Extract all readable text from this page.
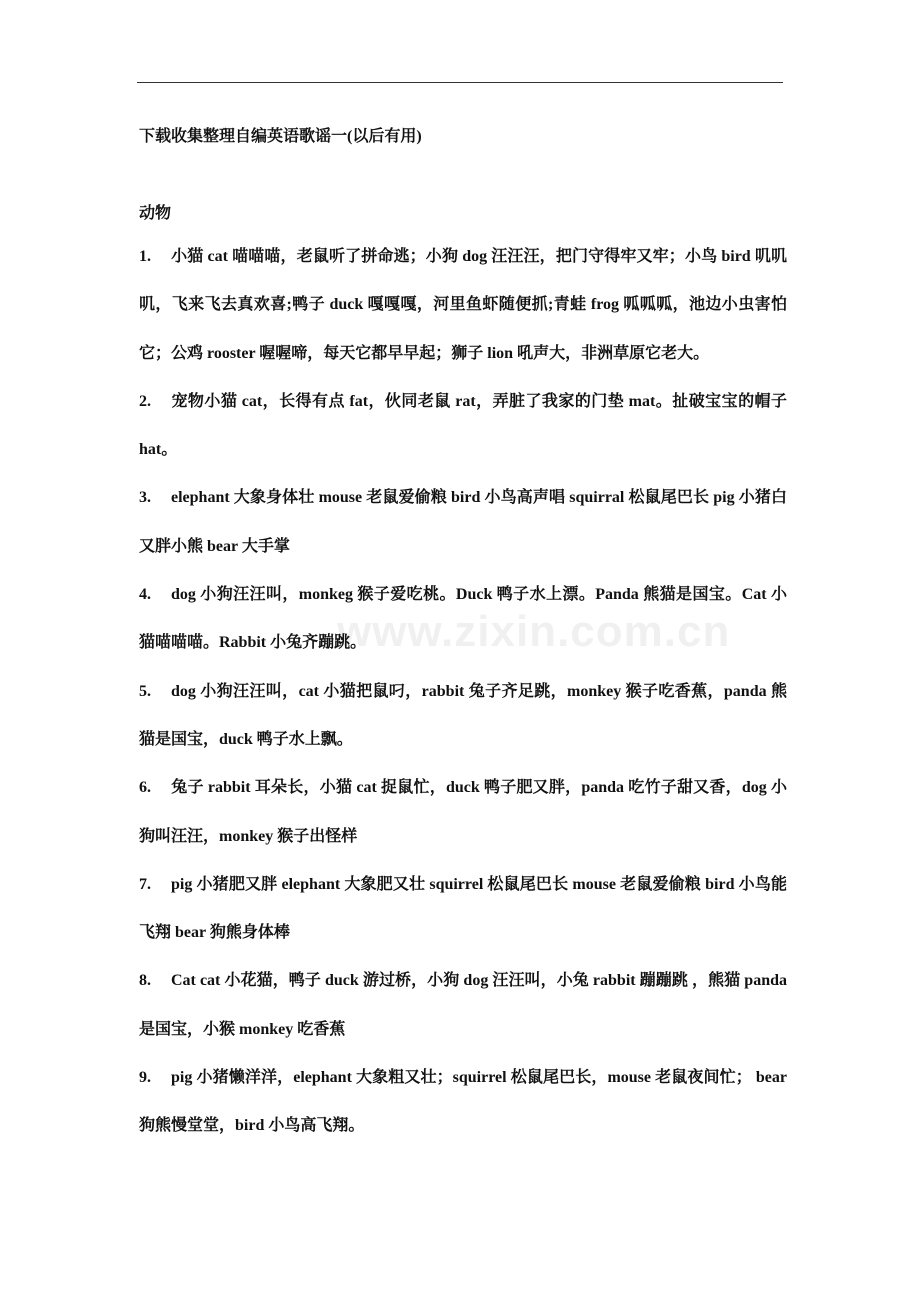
www.zixin.com.cn

下载收集整理自编英语歌谣一(以后有用)

动物

1. 小猫 cat 喵喵喵，老鼠听了拼命逃；小狗 dog 汪汪汪，把门守得牢又牢；小鸟 bird 叽叽叽，飞来飞去真欢喜;鸭子 duck 嘎嘎嘎，河里鱼虾随便抓;青蛙 frog 呱呱呱，池边小虫害怕它；公鸡 rooster 喔喔啼，每天它都早早起；狮子 lion 吼声大，非洲草原它老大。
2. 宠物小猫 cat，长得有点 fat，伙同老鼠 rat，弄脏了我家的门垫 mat。扯破宝宝的帽子 hat。
3. elephant 大象身体壮 mouse 老鼠爱偷粮 bird 小鸟高声唱 squirral 松鼠尾巴长 pig 小猪白又胖小熊 bear 大手掌
4. dog 小狗汪汪叫，monkeg 猴子爱吃桃。Duck 鸭子水上漂。Panda 熊猫是国宝。Cat 小猫喵喵喵。Rabbit 小兔齐蹦跳。
5. dog 小狗汪汪叫，cat 小猫把鼠叼，rabbit 兔子齐足跳，monkey 猴子吃香蕉，panda 熊猫是国宝，duck 鸭子水上飘。
6. 兔子 rabbit 耳朵长，小猫 cat 捉鼠忙，duck 鸭子肥又胖，panda 吃竹子甜又香，dog 小狗叫汪汪，monkey 猴子出怪样
7. pig 小猪肥又胖 elephant 大象肥又壮 squirrel 松鼠尾巴长 mouse 老鼠爱偷粮 bird 小鸟能飞翔 bear 狗熊身体棒
8. Cat cat 小花猫，鸭子 duck 游过桥，小狗 dog 汪汪叫，小兔 rabbit 蹦蹦跳 ，熊猫 panda 是国宝，小猴 monkey 吃香蕉
9. pig 小猪懒洋洋，elephant 大象粗又壮；squirrel 松鼠尾巴长，mouse 老鼠夜间忙； bear 狗熊慢堂堂，bird 小鸟高飞翔。
